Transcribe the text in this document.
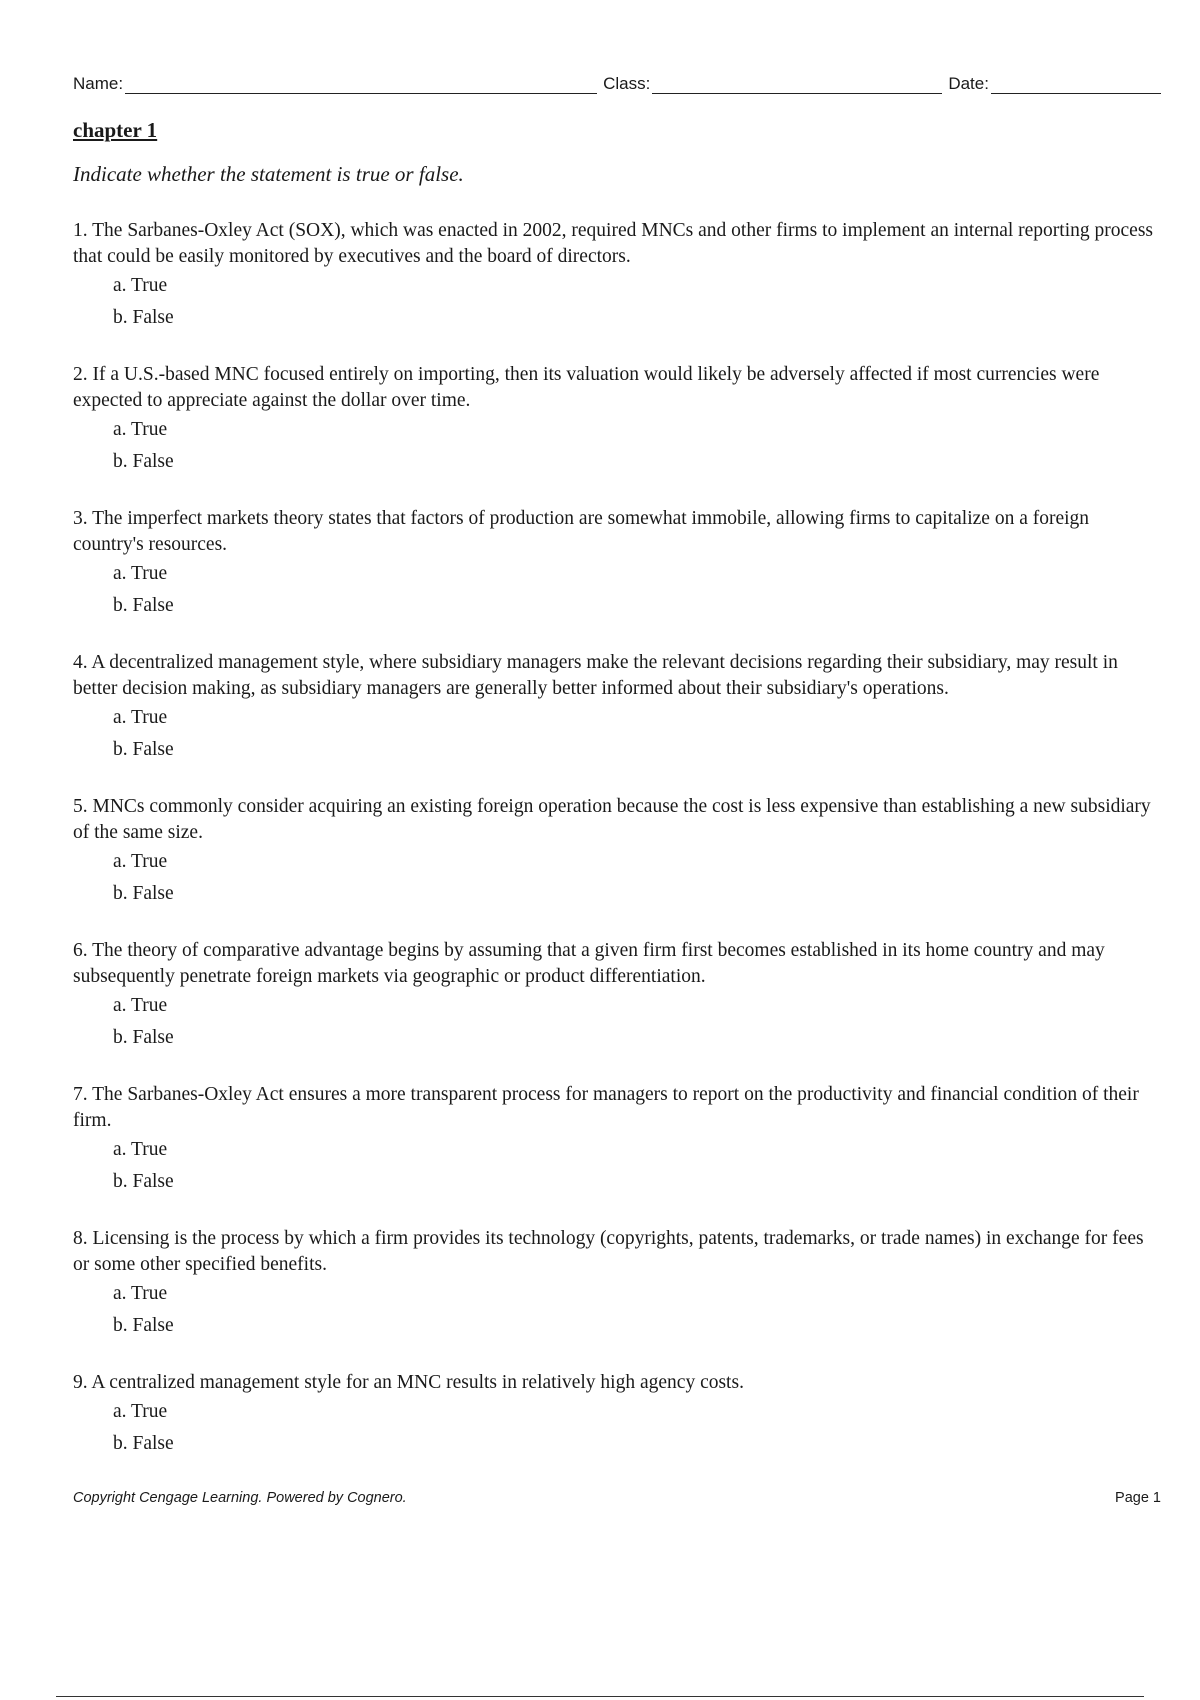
Name:	Class:	Date:
chapter 1
Indicate whether the statement is true or false.
1. The Sarbanes-Oxley Act (SOX), which was enacted in 2002, required MNCs and other firms to implement an internal reporting process that could be easily monitored by executives and the board of directors.
a. True
b. False
2. If a U.S.-based MNC focused entirely on importing, then its valuation would likely be adversely affected if most currencies were expected to appreciate against the dollar over time.
a. True
b. False
3. The imperfect markets theory states that factors of production are somewhat immobile, allowing firms to capitalize on a foreign country's resources.
a. True
b. False
4. A decentralized management style, where subsidiary managers make the relevant decisions regarding their subsidiary, may result in better decision making, as subsidiary managers are generally better informed about their subsidiary's operations.
a. True
b. False
5. MNCs commonly consider acquiring an existing foreign operation because the cost is less expensive than establishing a new subsidiary of the same size.
a. True
b. False
6. The theory of comparative advantage begins by assuming that a given firm first becomes established in its home country and may subsequently penetrate foreign markets via geographic or product differentiation.
a. True
b. False
7. The Sarbanes-Oxley Act ensures a more transparent process for managers to report on the productivity and financial condition of their firm.
a. True
b. False
8. Licensing is the process by which a firm provides its technology (copyrights, patents, trademarks, or trade names) in exchange for fees or some other specified benefits.
a. True
b. False
9. A centralized management style for an MNC results in relatively high agency costs.
a. True
b. False
Copyright Cengage Learning. Powered by Cognero.	Page 1
